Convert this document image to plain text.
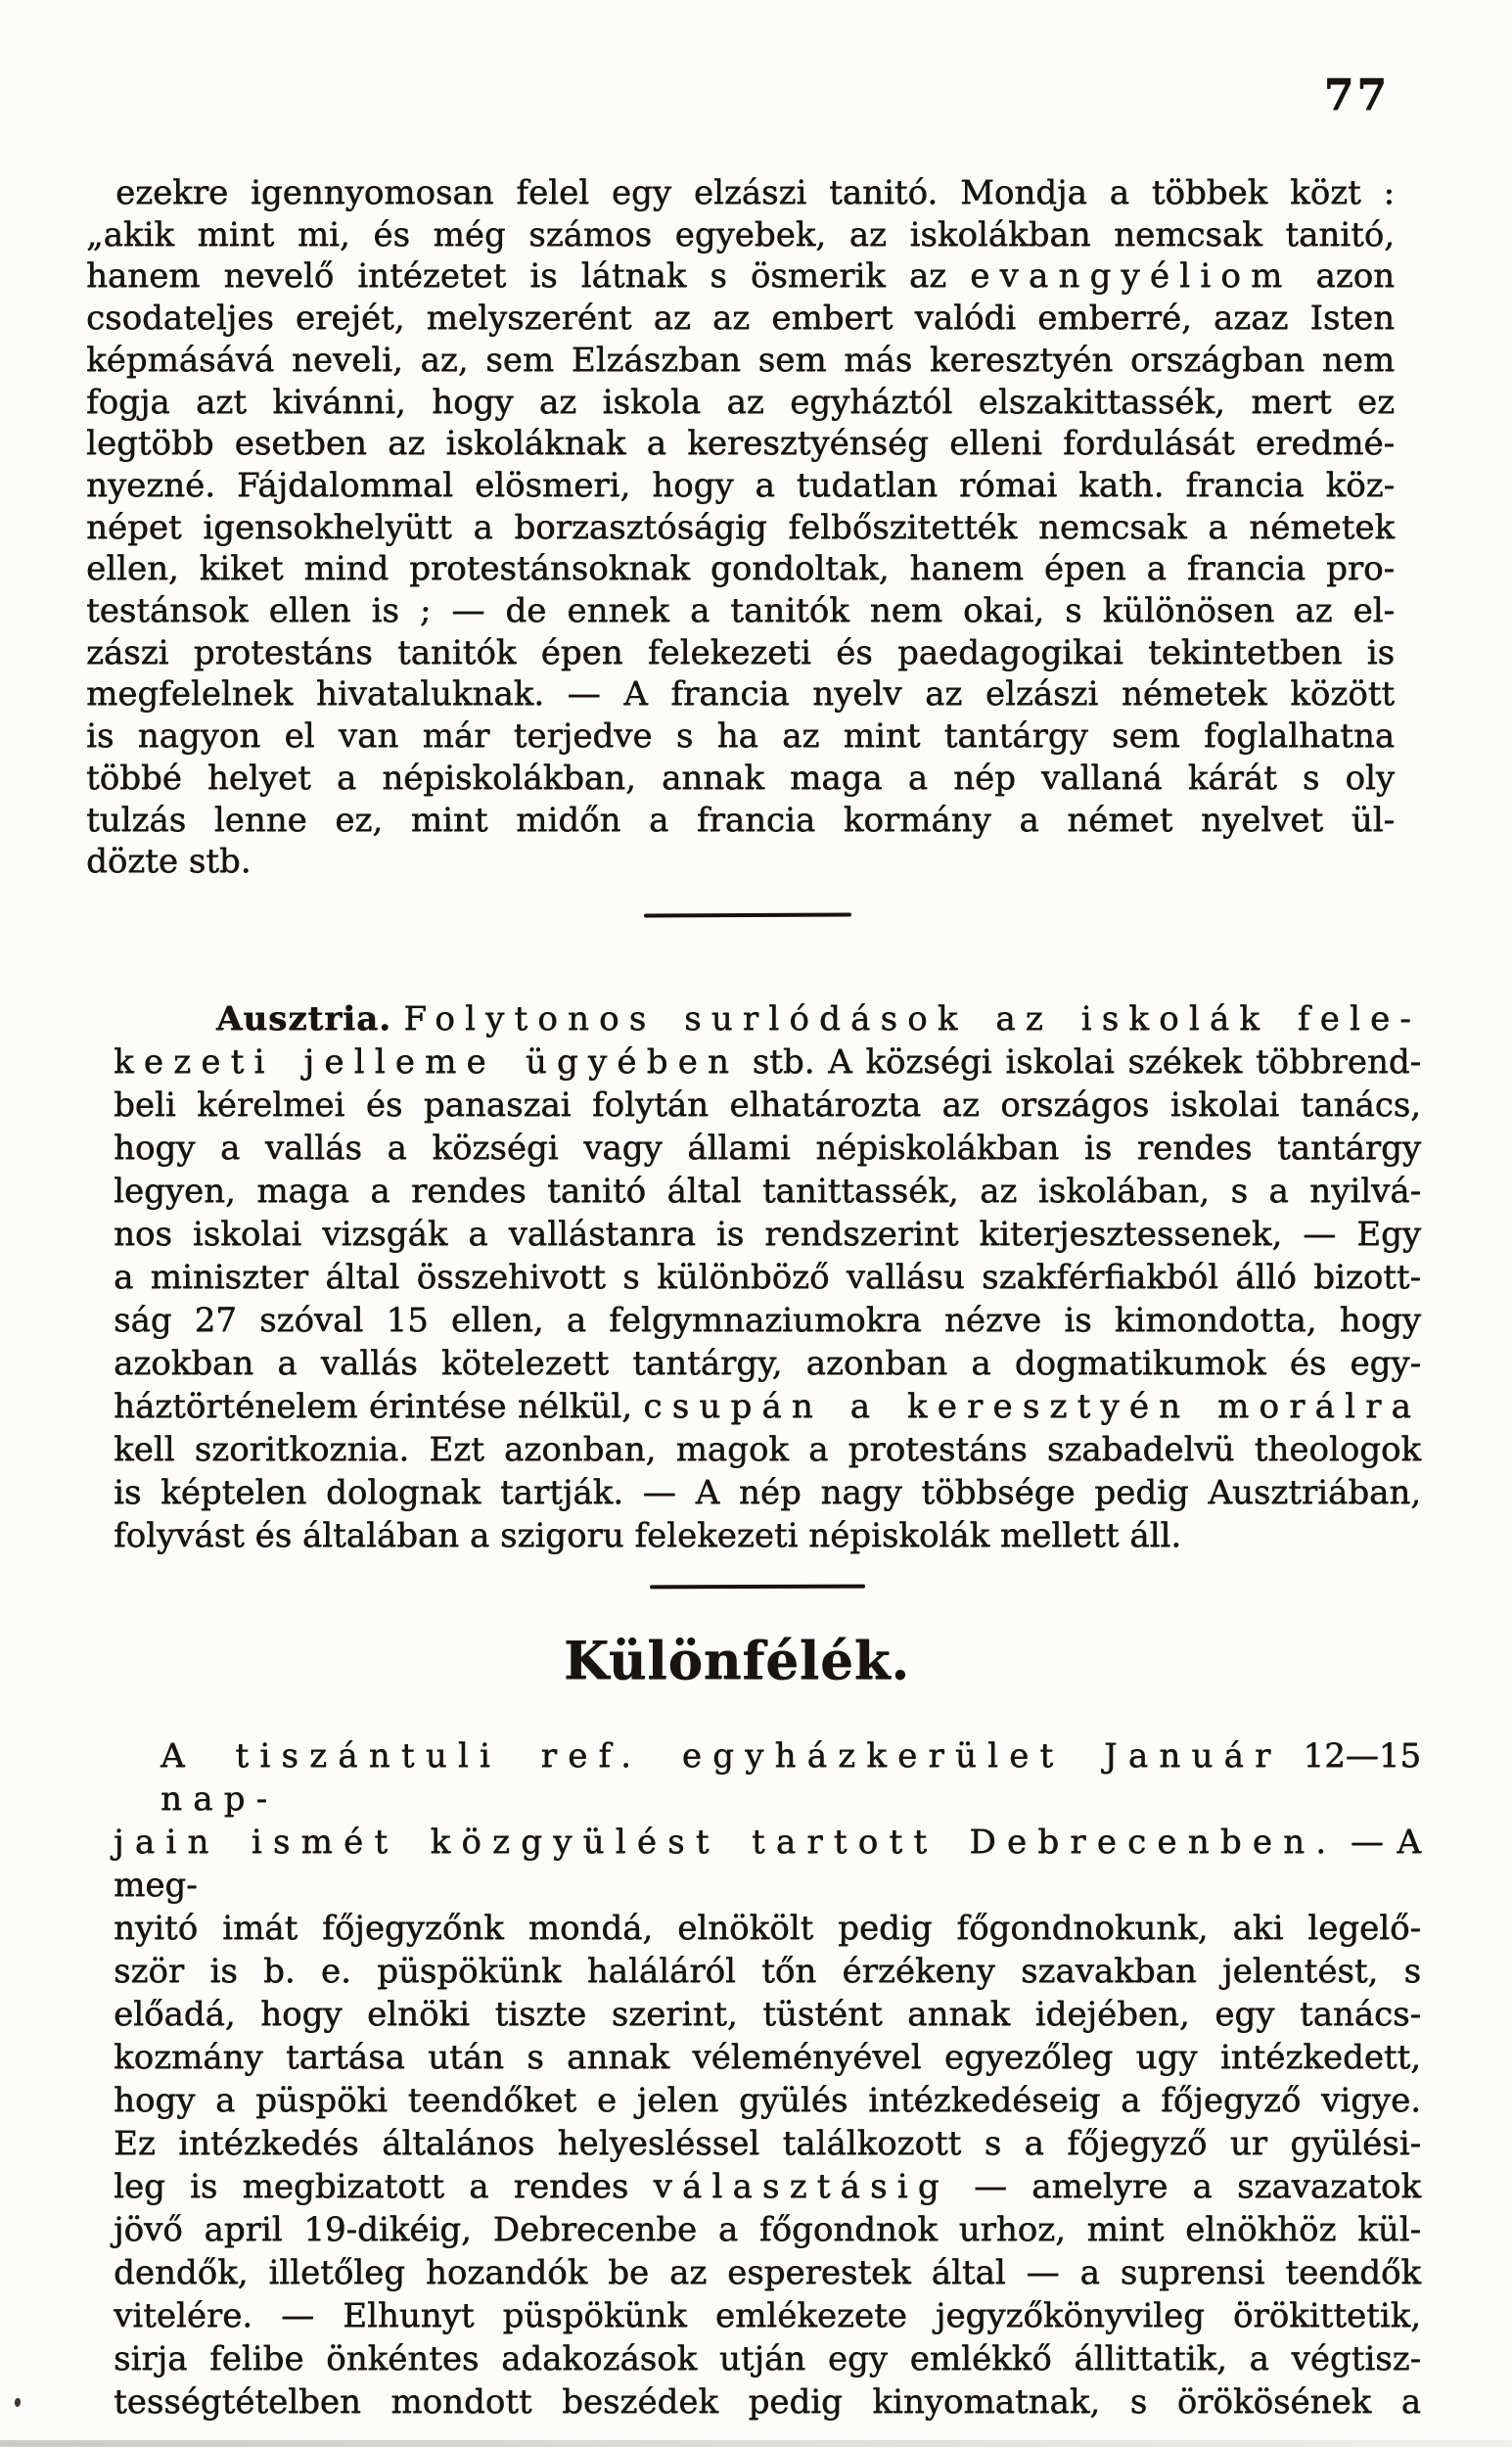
77
ezekre igennyomosan felel egy elzászi tanitó. Mondja a többek közt :
„akik mint mi, és még számos egyebek, az iskolákban nemcsak tanitó,
hanem nevelő intézetet is látnak s ösmerik az evangyéliom azon
csodateljes erejét, melyszerént az az embert valódi emberré, azaz Isten
képmásává neveli, az, sem Elzászban sem más keresztyén országban nem
fogja azt kivánni, hogy az iskola az egyháztól elszakittassék, mert ez
legtöbb esetben az iskoláknak a keresztyénség elleni fordulását eredmé-
nyezné. Fájdalommal elösmeri, hogy a tudatlan római kath. francia köz-
népet igensokhelyütt a borzasztóságig felbőszitették nemcsak a németek
ellen, kiket mind protestánsoknak gondoltak, hanem épen a francia pro-
testánsok ellen is ; — de ennek a tanitók nem okai, s különösen az el-
zászi protestáns tanitók épen felekezeti és paedagogikai tekintetben is
megfelelnek hivataluknak. — A francia nyelv az elzászi németek között
is nagyon el van már terjedve s ha az mint tantárgy sem foglalhatna
többé helyet a népiskolákban, annak maga a nép vallaná kárát s oly
tulzás lenne ez, mint midőn a francia kormány a német nyelvet ül-
dözte stb.
Ausztria. Folytonos surlódások az iskolák fele-
kezeti jelleme ügyében stb. A községi iskolai székek többrend-
beli kérelmei és panaszai folytán elhatározta az országos iskolai tanács,
hogy a vallás a községi vagy állami népiskolákban is rendes tantárgy
legyen, maga a rendes tanitó által tanittassék, az iskolában, s a nyilvá-
nos iskolai vizsgák a vallástanra is rendszerint kiterjesztessenek, — Egy
a miniszter által összehivott s különböző vallásu szakférfiakból álló bizott-
ság 27 szóval 15 ellen, a felgymnaziumokra nézve is kimondotta, hogy
azokban a vallás kötelezett tantárgy, azonban a dogmatikumok és egy-
háztörténelem érintése nélkül, csupán a keresztyén morálra
kell szoritkoznia. Ezt azonban, magok a protestáns szabadelvü theologok
is képtelen dolognak tartják. — A nép nagy többsége pedig Ausztriában,
folyvást és általában a szigoru felekezeti népiskolák mellett áll.
Különfélék.
A tiszántuli ref. egyházkerület Január 12—15 nap-
jain ismét közgyülést tartott Debrecenben. — A meg-
nyitó imát főjegyzőnk mondá, elnökölt pedig főgondnokunk, aki legelő-
ször is b. e. püspökünk haláláról tőn érzékeny szavakban jelentést, s
előadá, hogy elnöki tiszte szerint, tüstént annak idejében, egy tanács-
kozmány tartása után s annak véleményével egyezőleg ugy intézkedett,
hogy a püspöki teendőket e jelen gyülés intézkedéseig a főjegyző vigye.
Ez intézkedés általános helyesléssel találkozott s a főjegyző ur gyülési-
leg is megbizatott a rendes választásig — amelyre a szavazatok
jövő april 19-dikéig, Debrecenbe a főgondnok urhoz, mint elnökhöz kül-
dendők, illetőleg hozandók be az esperestek által — a suprensi teendők
vitelére. — Elhunyt püspökünk emlékezete jegyzőkönyvileg örökittetik,
sirja felibe önkéntes adakozások utján egy emlékkő állittatik, a végtisz-
tességtételben mondott beszédek pedig kinyomatnak, s örökösének a
